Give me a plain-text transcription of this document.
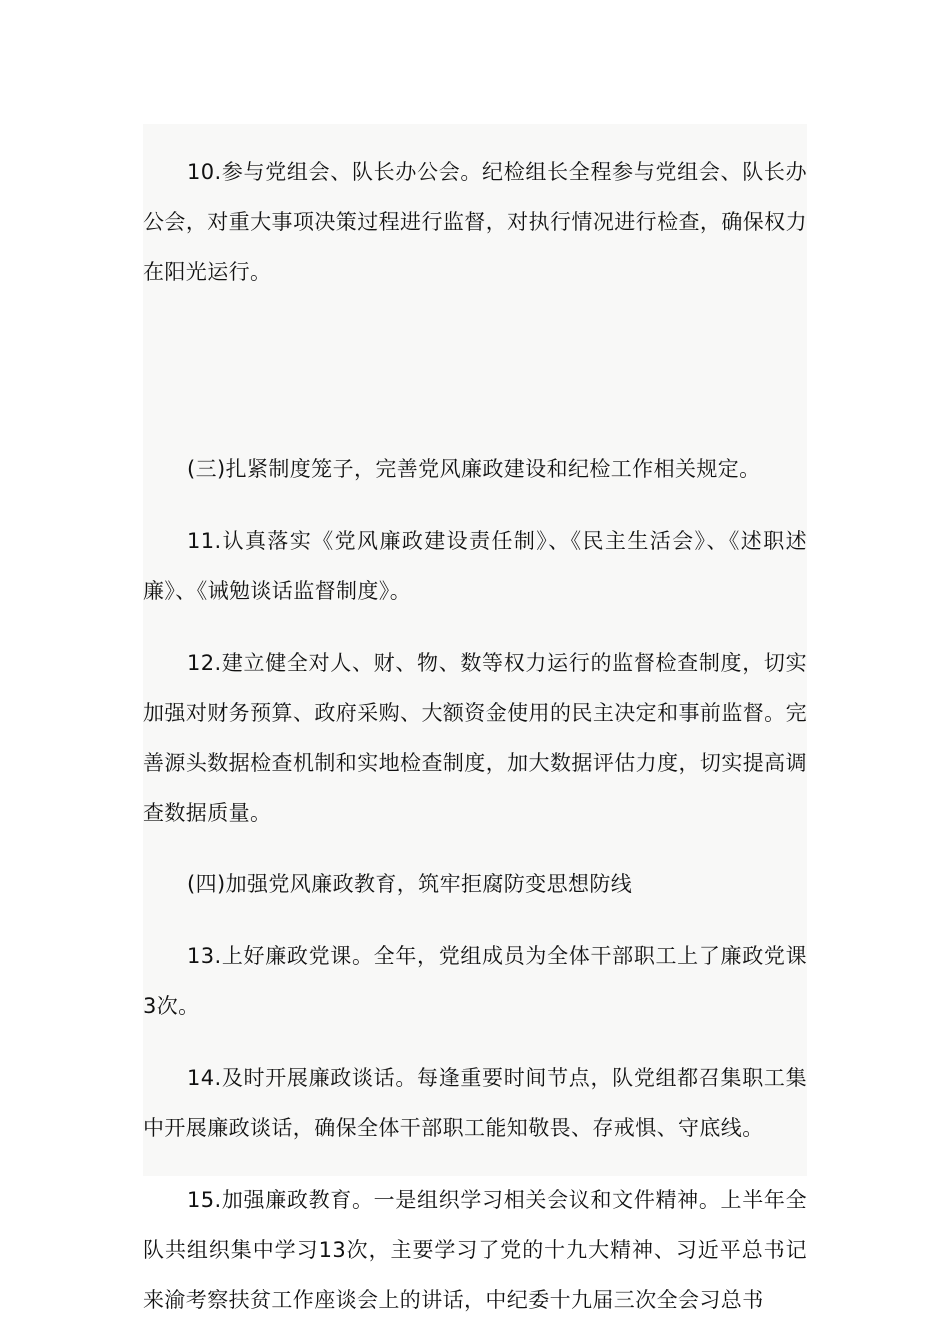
10.参与党组会、队长办公会。纪检组长全程参与党组会、队长办公会，对重大事项决策过程进行监督，对执行情况进行检查，确保权力在阳光运行。

(三)扎紧制度笼子，完善党风廉政建设和纪检工作相关规定。

11.认真落实《党风廉政建设责任制》、《民主生活会》、《述职述廉》、《诫勉谈话监督制度》。

12.建立健全对人、财、物、数等权力运行的监督检查制度，切实加强对财务预算、政府采购、大额资金使用的民主决定和事前监督。完善源头数据检查机制和实地检查制度，加大数据评估力度，切实提高调查数据质量。

(四)加强党风廉政教育，筑牢拒腐防变思想防线

13.上好廉政党课。全年，党组成员为全体干部职工上了廉政党课3次。

14.及时开展廉政谈话。每逢重要时间节点，队党组都召集职工集中开展廉政谈话，确保全体干部职工能知敬畏、存戒惧、守底线。

15.加强廉政教育。一是组织学习相关会议和文件精神。上半年全队共组织集中学习13次，主要学习了党的十九大精神、习近平总书记来渝考察扶贫工作座谈会上的讲话，中纪委十九届三次全会习总书
